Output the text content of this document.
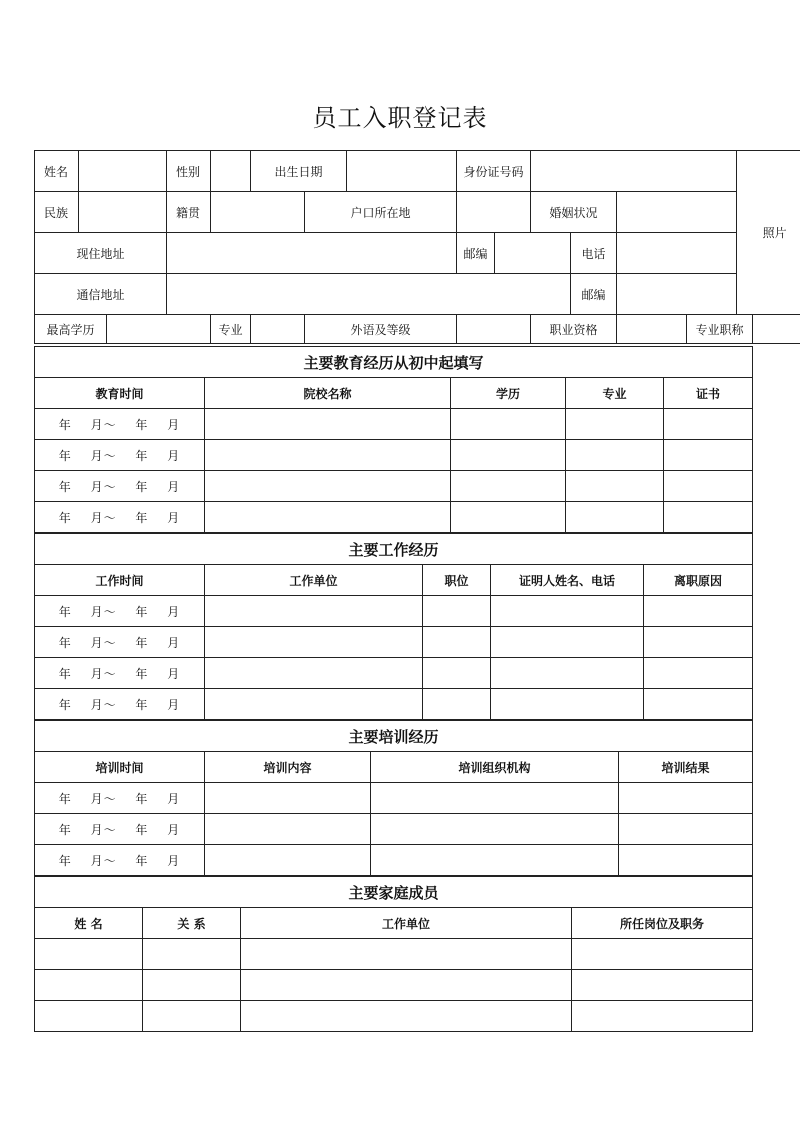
员工入职登记表
姓名			性别		出生日期			身份证号码						照片	
民族			籍贯			户口所在地				婚姻状况					
现住地址								邮编			电话				
通信地址											邮编				
最高学历				专业		外语及等级				职业资格			专业职称		
主要教育经历从初中起填写				
教育时间	院校名称	学历	专业	证书
年 月～ 年 月				
年 月～ 年 月				
年 月～ 年 月				
年 月～ 年 月				
主要工作经历				
工作时间	工作单位	职位	证明人姓名、电话	离职原因
年 月～ 年 月				
年 月～ 年 月				
年 月～ 年 月				
年 月～ 年 月				
主要培训经历			
培训时间	培训内容	培训组织机构	培训结果
年 月～ 年 月			
年 月～ 年 月			
年 月～ 年 月			
主要家庭成员			
姓 名	关 系	工作单位	所任岗位及职务
